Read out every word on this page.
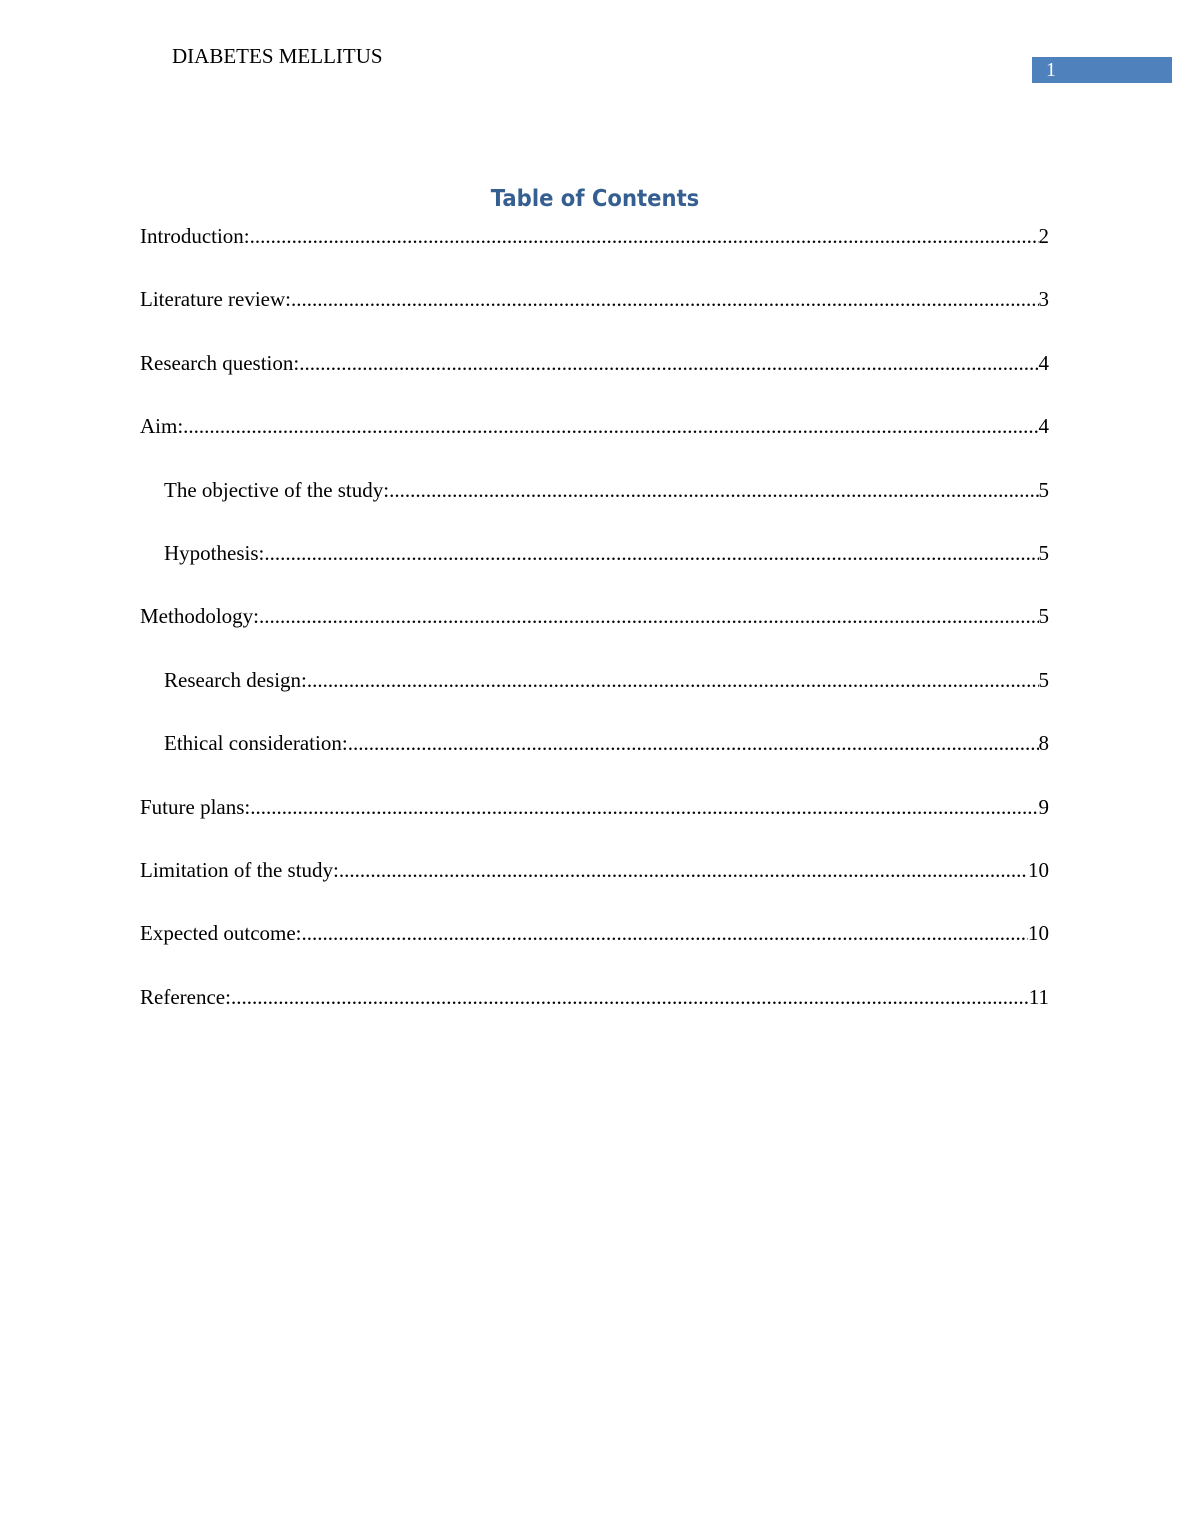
DIABETES MELLITUS
1
Table of Contents
Introduction: .....	2
Literature review: .....	3
Research question: .....	4
Aim: .....	4
The objective of the study: .....	5
Hypothesis: .....	5
Methodology: .....	5
Research design: .....	5
Ethical consideration: .....	8
Future plans: .....	9
Limitation of the study: .....	10
Expected outcome: .....	10
Reference: .....	11
